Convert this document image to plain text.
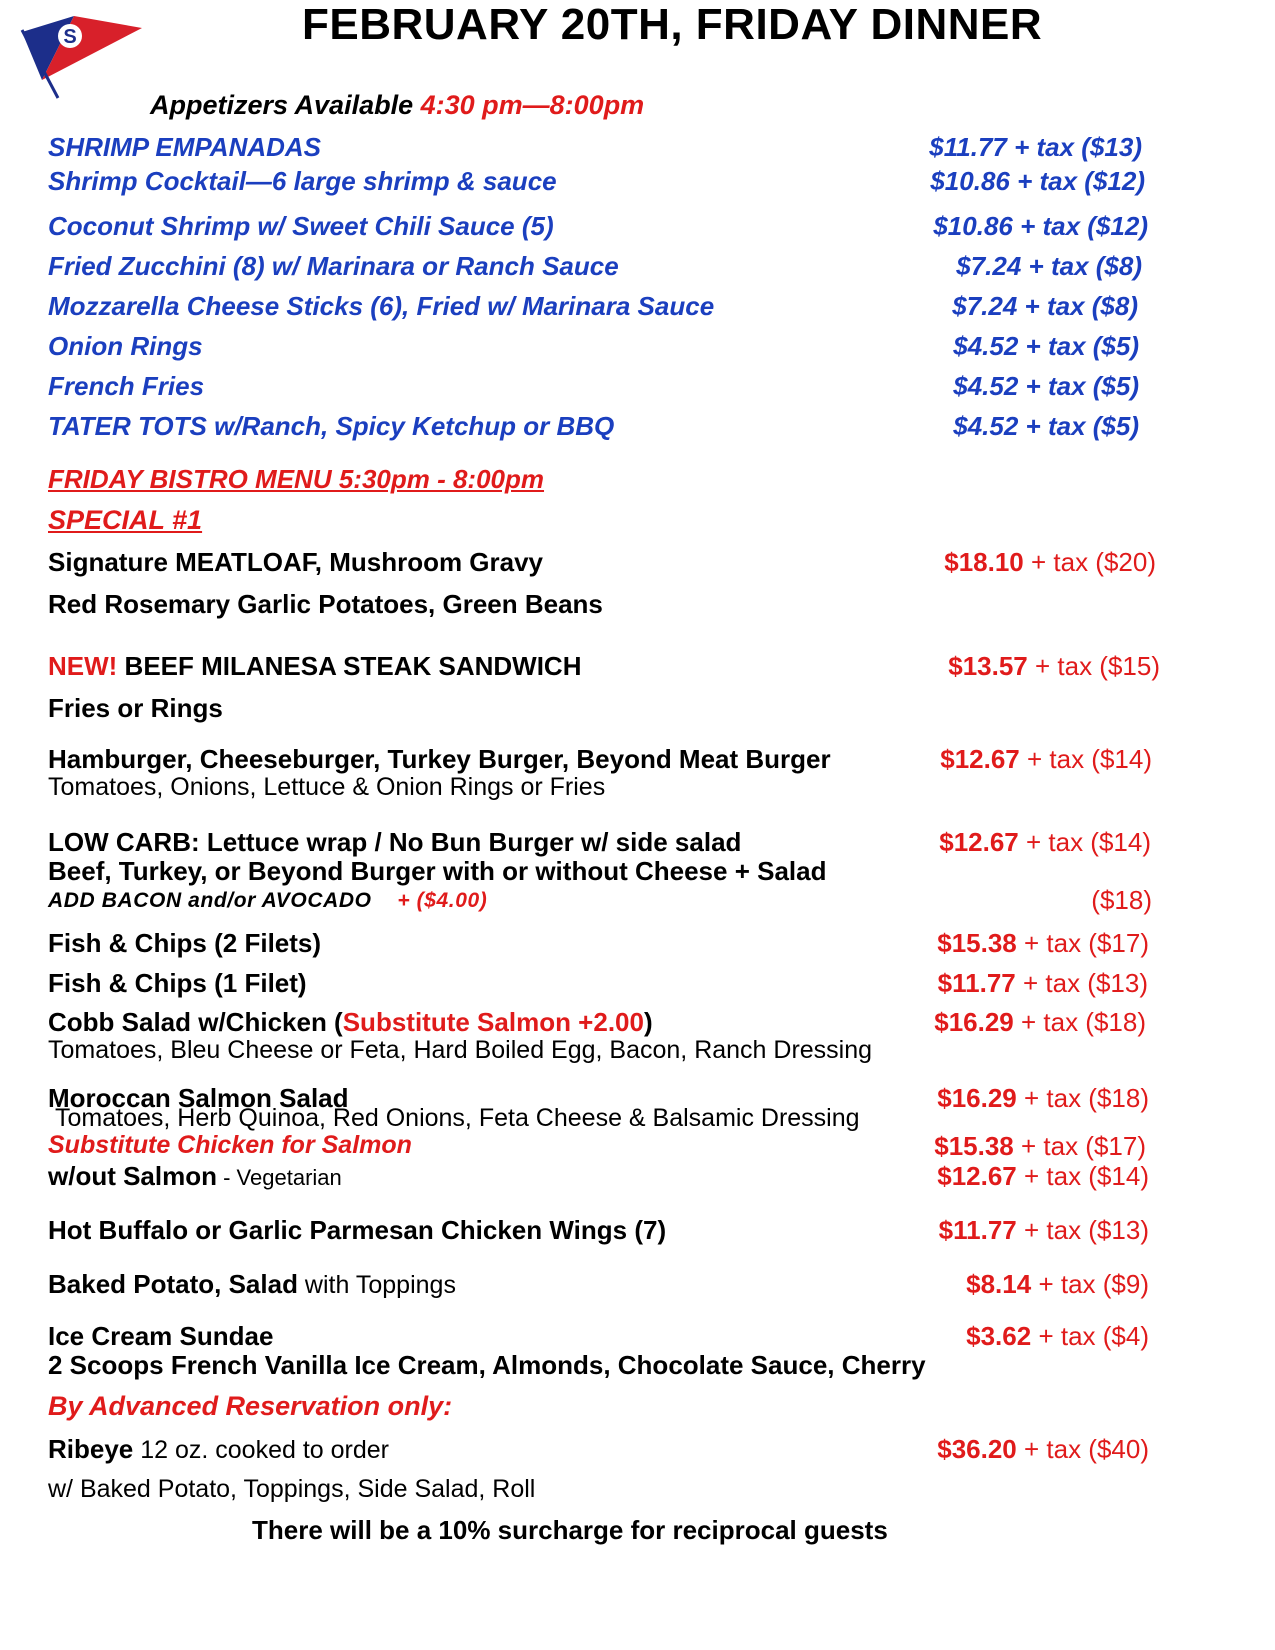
S	FEBRUARY 20TH, FRIDAY DINNER
Appetizers Available 4:30 pm—8:00pm
SHRIMP EMPANADAS	$11.77 + tax ($13)
Shrimp Cocktail—6 large shrimp & sauce	$10.86 + tax ($12)
Coconut Shrimp w/ Sweet Chili Sauce (5)	$10.86 + tax ($12)
Fried Zucchini (8) w/ Marinara or Ranch Sauce	$7.24 + tax ($8)
Mozzarella Cheese Sticks (6), Fried w/ Marinara Sauce	$7.24 + tax ($8)
Onion Rings	$4.52 + tax ($5)
French Fries	$4.52 + tax ($5)
TATER TOTS w/Ranch, Spicy Ketchup or BBQ	$4.52 + tax ($5)
FRIDAY BISTRO MENU 5:30pm - 8:00pm
SPECIAL #1
Signature MEATLOAF, Mushroom Gravy	$18.10 + tax ($20)
Red Rosemary Garlic Potatoes, Green Beans
NEW! BEEF MILANESA STEAK SANDWICH	$13.57 + tax ($15)
Fries or Rings
Hamburger, Cheeseburger, Turkey Burger, Beyond Meat Burger	$12.67 + tax ($14)
Tomatoes, Onions, Lettuce & Onion Rings or Fries
LOW CARB: Lettuce wrap / No Bun Burger w/ side salad	$12.67 + tax ($14)
Beef, Turkey, or Beyond Burger with or without Cheese + Salad
ADD BACON and/or AVOCADO + ($4.00)	($18)
Fish & Chips (2 Filets)	$15.38 + tax ($17)
Fish & Chips (1 Filet)	$11.77 + tax ($13)
Cobb Salad w/Chicken (Substitute Salmon +2.00)	$16.29 + tax ($18)
Tomatoes, Bleu Cheese or Feta, Hard Boiled Egg, Bacon, Ranch Dressing
Moroccan Salmon Salad	$16.29 + tax ($18)
Tomatoes, Herb Quinoa, Red Onions, Feta Cheese & Balsamic Dressing
Substitute Chicken for Salmon	$15.38 + tax ($17)
w/out Salmon - Vegetarian	$12.67 + tax ($14)
Hot Buffalo or Garlic Parmesan Chicken Wings (7)	$11.77 + tax ($13)
Baked Potato, Salad with Toppings	$8.14 + tax ($9)
Ice Cream Sundae	$3.62 + tax ($4)
2 Scoops French Vanilla Ice Cream, Almonds, Chocolate Sauce, Cherry
By Advanced Reservation only:
Ribeye 12 oz. cooked to order	$36.20 + tax ($40)
w/ Baked Potato, Toppings, Side Salad, Roll
There will be a 10% surcharge for reciprocal guests
